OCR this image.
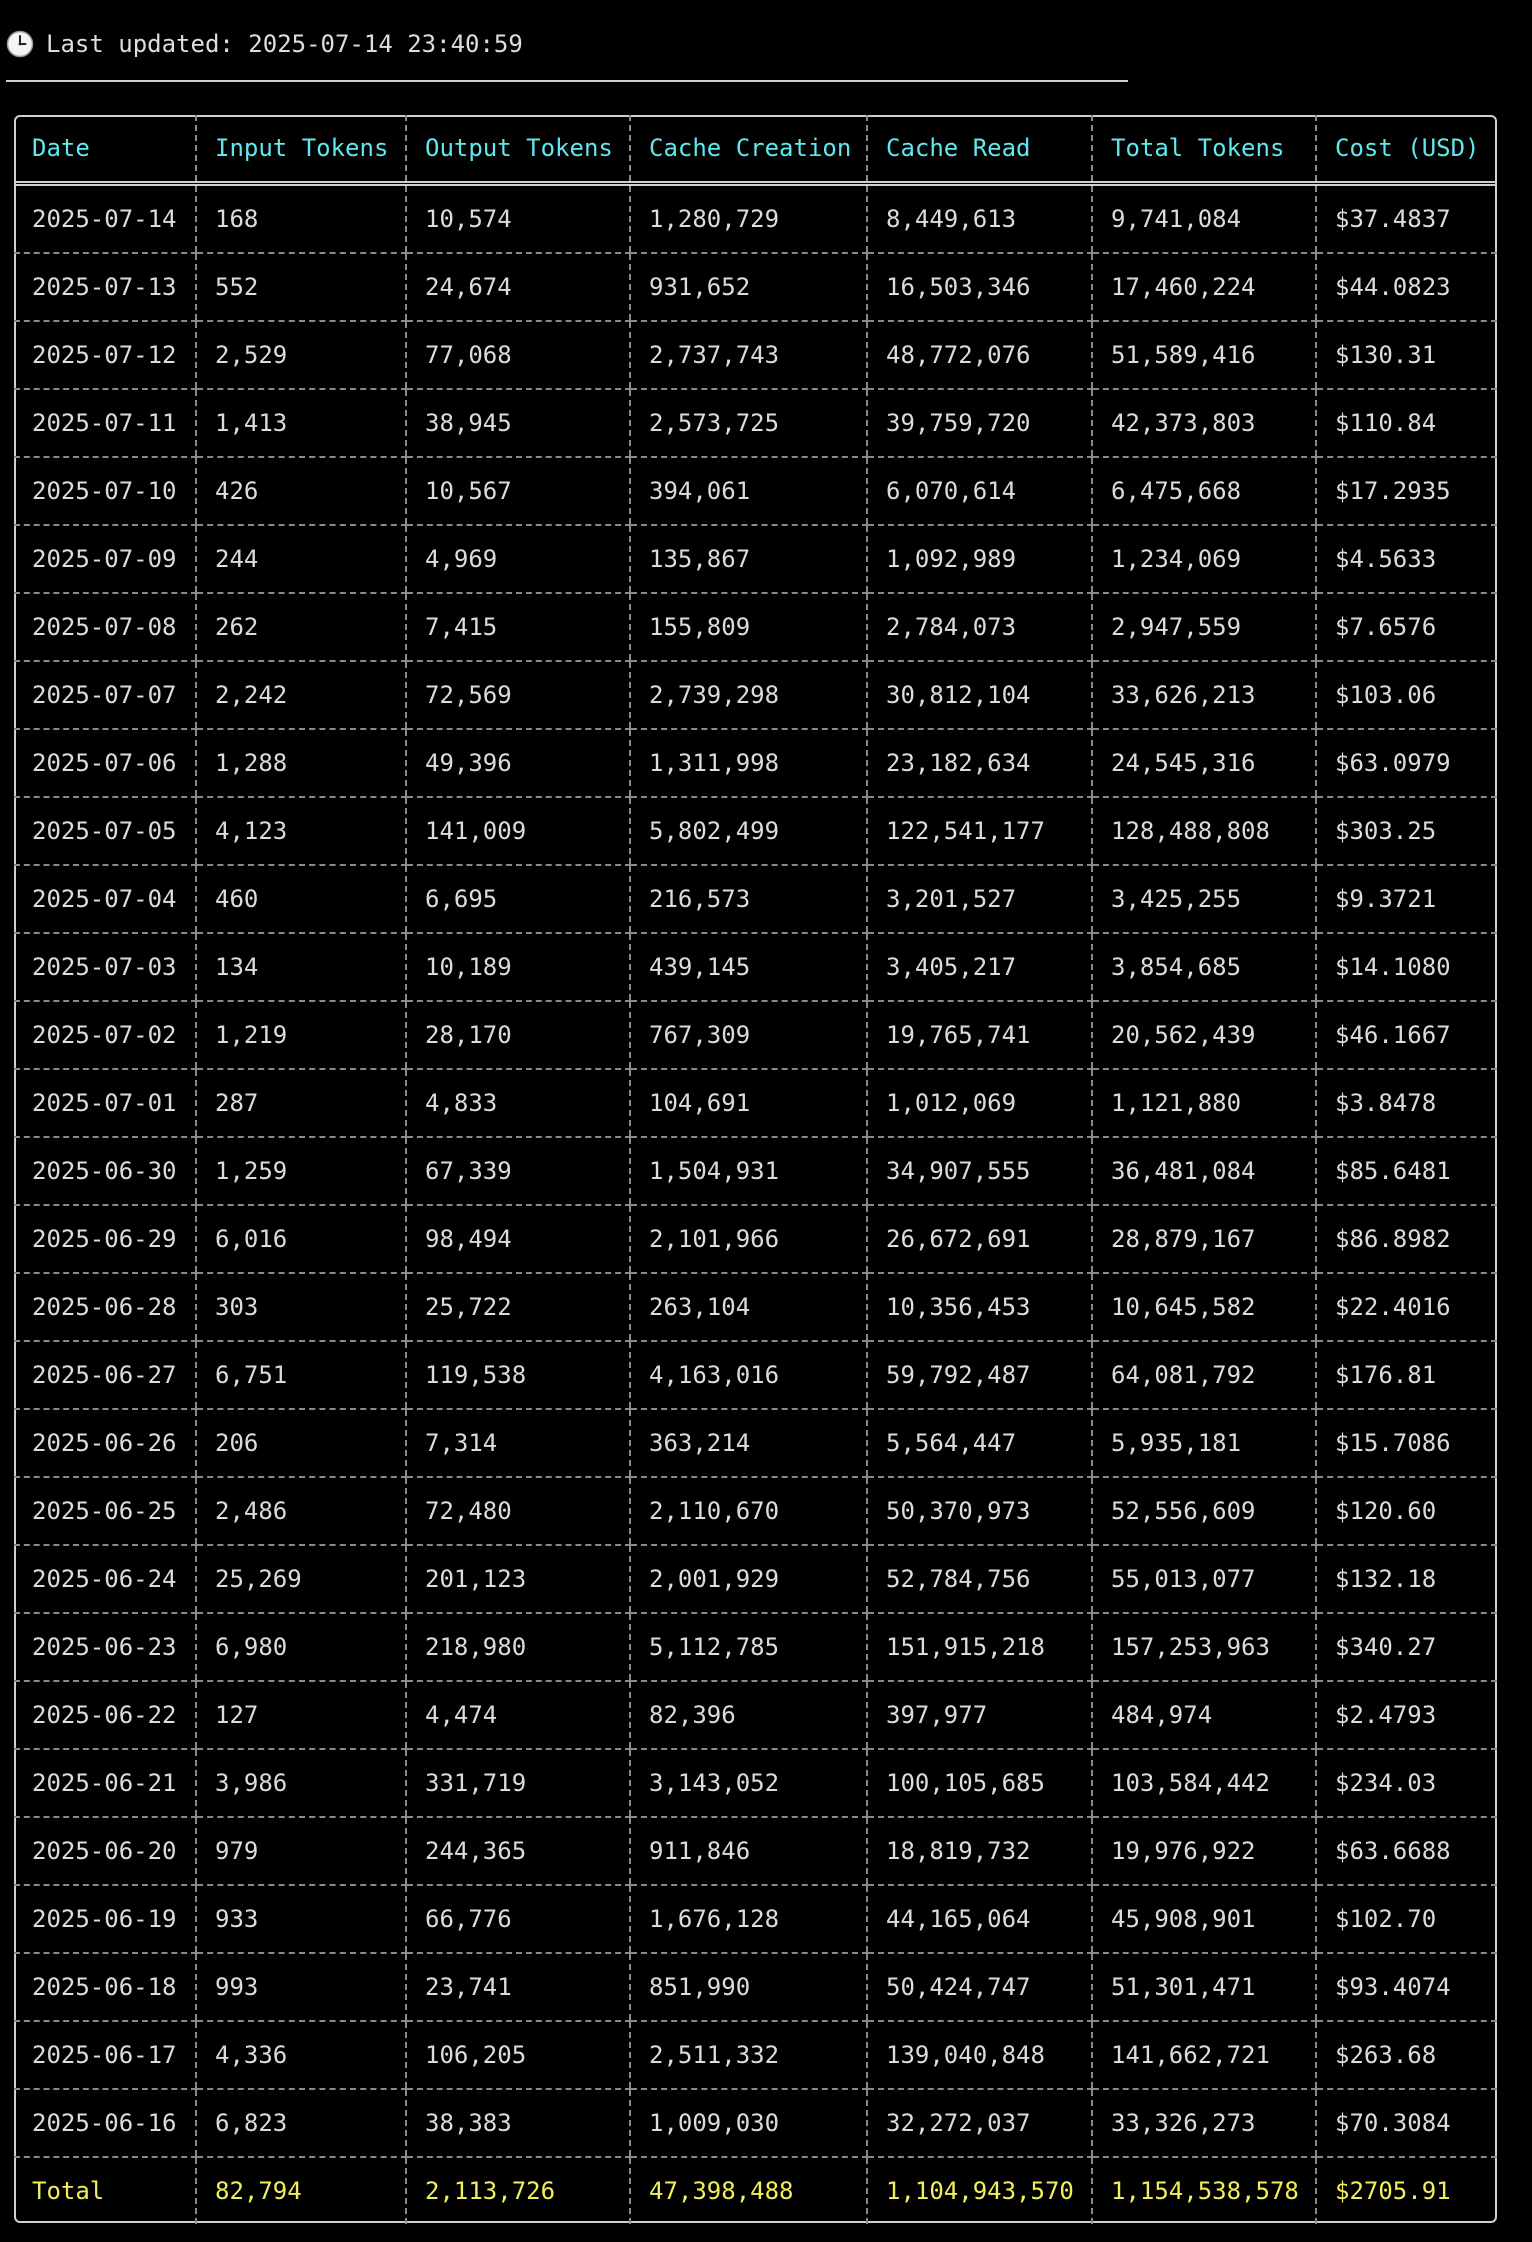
Last updated: 2025-07-14 23:40:59
Date	Input Tokens	Output Tokens	Cache Creation	Cache Read	Total Tokens	Cost (USD)
2025-07-14	168	10,574	1,280,729	8,449,613	9,741,084	$37.4837
2025-07-13	552	24,674	931,652	16,503,346	17,460,224	$44.0823
2025-07-12	2,529	77,068	2,737,743	48,772,076	51,589,416	$130.31
2025-07-11	1,413	38,945	2,573,725	39,759,720	42,373,803	$110.84
2025-07-10	426	10,567	394,061	6,070,614	6,475,668	$17.2935
2025-07-09	244	4,969	135,867	1,092,989	1,234,069	$4.5633
2025-07-08	262	7,415	155,809	2,784,073	2,947,559	$7.6576
2025-07-07	2,242	72,569	2,739,298	30,812,104	33,626,213	$103.06
2025-07-06	1,288	49,396	1,311,998	23,182,634	24,545,316	$63.0979
2025-07-05	4,123	141,009	5,802,499	122,541,177	128,488,808	$303.25
2025-07-04	460	6,695	216,573	3,201,527	3,425,255	$9.3721
2025-07-03	134	10,189	439,145	3,405,217	3,854,685	$14.1080
2025-07-02	1,219	28,170	767,309	19,765,741	20,562,439	$46.1667
2025-07-01	287	4,833	104,691	1,012,069	1,121,880	$3.8478
2025-06-30	1,259	67,339	1,504,931	34,907,555	36,481,084	$85.6481
2025-06-29	6,016	98,494	2,101,966	26,672,691	28,879,167	$86.8982
2025-06-28	303	25,722	263,104	10,356,453	10,645,582	$22.4016
2025-06-27	6,751	119,538	4,163,016	59,792,487	64,081,792	$176.81
2025-06-26	206	7,314	363,214	5,564,447	5,935,181	$15.7086
2025-06-25	2,486	72,480	2,110,670	50,370,973	52,556,609	$120.60
2025-06-24	25,269	201,123	2,001,929	52,784,756	55,013,077	$132.18
2025-06-23	6,980	218,980	5,112,785	151,915,218	157,253,963	$340.27
2025-06-22	127	4,474	82,396	397,977	484,974	$2.4793
2025-06-21	3,986	331,719	3,143,052	100,105,685	103,584,442	$234.03
2025-06-20	979	244,365	911,846	18,819,732	19,976,922	$63.6688
2025-06-19	933	66,776	1,676,128	44,165,064	45,908,901	$102.70
2025-06-18	993	23,741	851,990	50,424,747	51,301,471	$93.4074
2025-06-17	4,336	106,205	2,511,332	139,040,848	141,662,721	$263.68
2025-06-16	6,823	38,383	1,009,030	32,272,037	33,326,273	$70.3084
Total	82,794	2,113,726	47,398,488	1,104,943,570	1,154,538,578	$2705.91
